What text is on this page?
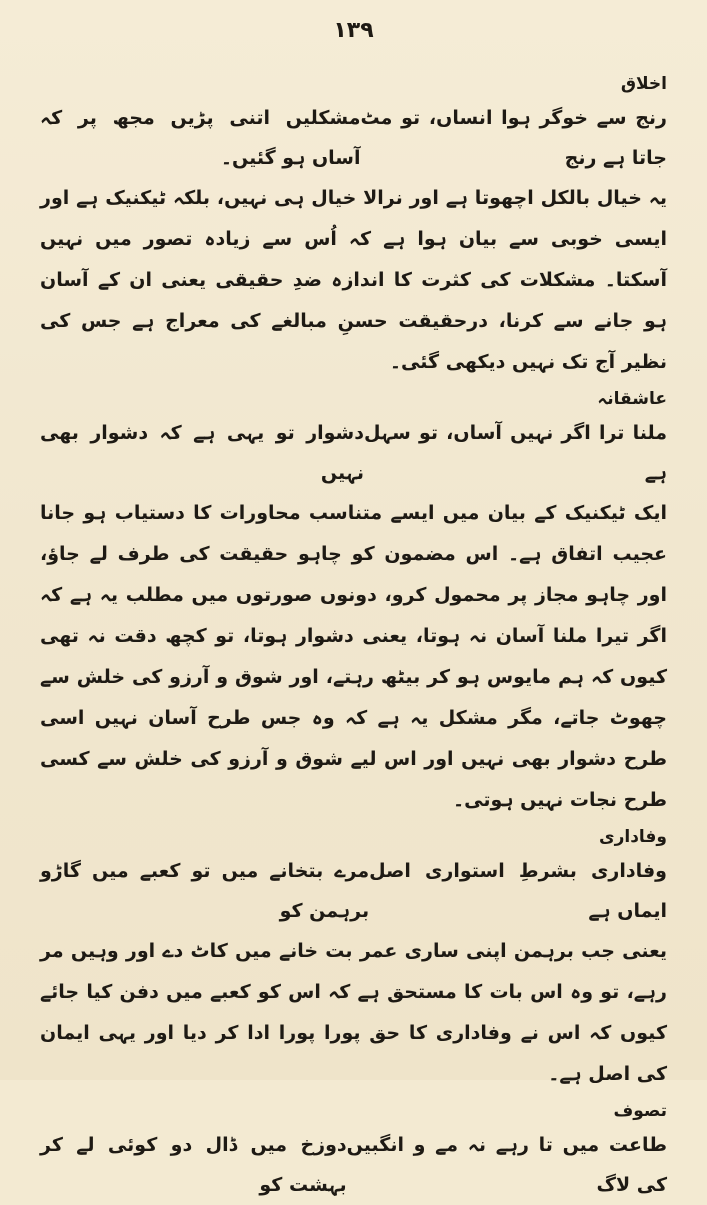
۱۳۹

اخلاق

رنج سے خوگر ہوا انساں، تو مٹ جاتا ہے رنج
مشکلیں اتنی پڑیں مجھ پر کہ آساں ہو گئیں۔

یہ خیال بالکل اچھوتا ہے اور نرالا خیال ہی نہیں، بلکہ ٹیکنیک ہے اور ایسی خوبی سے بیان ہوا ہے کہ اُس سے زیادہ تصور میں نہیں آسکتا۔ مشکلات کی کثرت کا اندازہ ضدِ حقیقی یعنی ان کے آسان ہو جانے سے کرنا، درحقیقت حسنِ مبالغے کی معراج ہے جس کی نظیر آج تک نہیں دیکھی گئی۔

عاشقانہ

ملنا ترا اگر نہیں آساں، تو سہل ہے
دشوار تو یہی ہے کہ دشوار بھی نہیں

ایک ٹیکنیک کے بیان میں ایسے متناسب محاورات کا دستیاب ہو جانا عجیب اتفاق ہے۔ اس مضمون کو چاہو حقیقت کی طرف لے جاؤ، اور چاہو مجاز پر محمول کرو، دونوں صورتوں میں مطلب یہ ہے کہ اگر تیرا ملنا آسان نہ ہوتا، یعنی دشوار ہوتا، تو کچھ دقت نہ تھی کیوں کہ ہم مایوس ہو کر بیٹھ رہتے، اور شوق و آرزو کی خلش سے چھوٹ جاتے، مگر مشکل یہ ہے کہ وہ جس طرح آسان نہیں اسی طرح دشوار بھی نہیں اور اس لیے شوق و آرزو کی خلش سے کسی طرح نجات نہیں ہوتی۔

وفاداری

وفاداری بشرطِ استواری اصل ایماں ہے
مرے بتخانے میں تو کعبے میں گاڑو برہمن کو

یعنی جب برہمن اپنی ساری عمر بت خانے میں کاٹ دے اور وہیں مر رہے، تو وہ اس بات کا مستحق ہے کہ اس کو کعبے میں دفن کیا جائے کیوں کہ اس نے وفاداری کا حق پورا پورا ادا کر دیا اور یہی ایمان کی اصل ہے۔

تصوف

طاعت میں تا رہے نہ مے و انگبیں کی لاگ
دوزخ میں ڈال دو کوئی لے کر بہشت کو
